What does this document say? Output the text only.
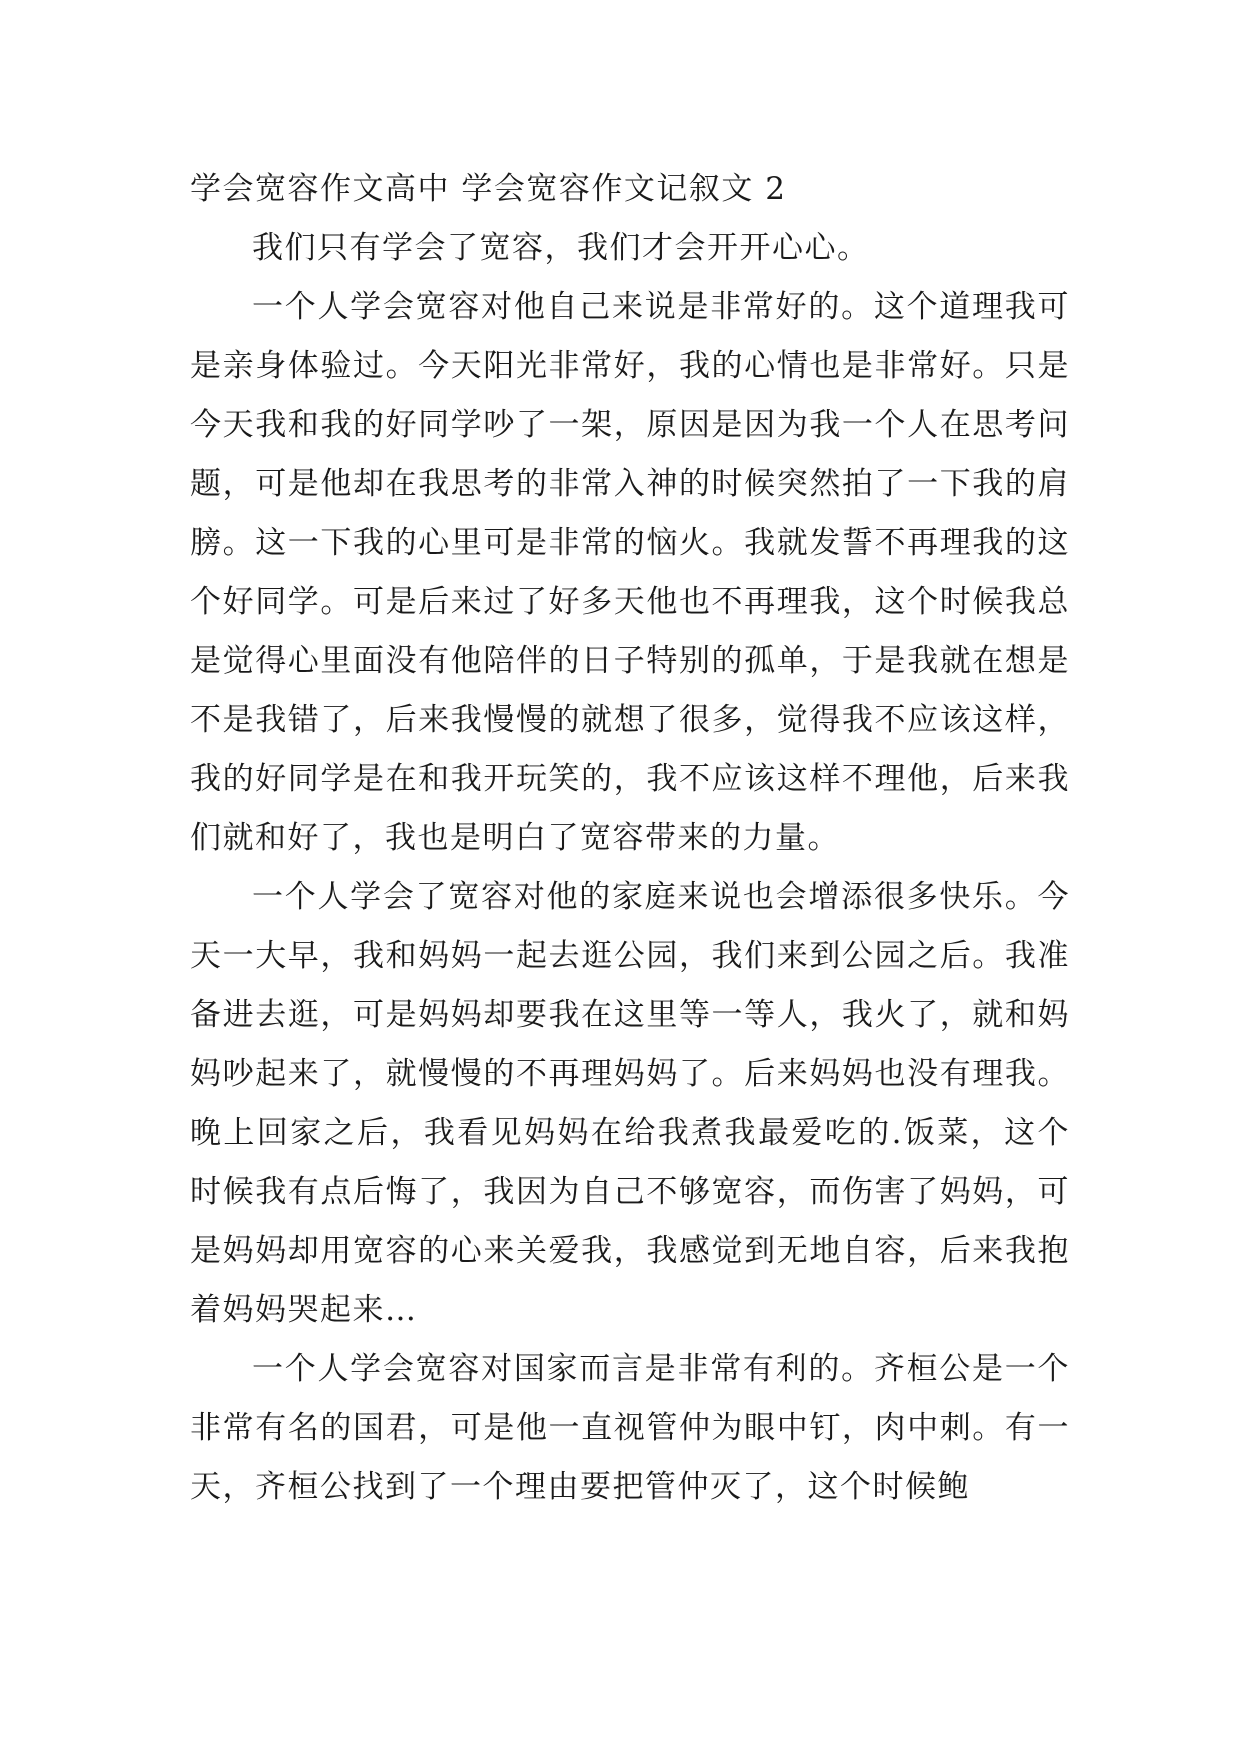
学会宽容作文高中 学会宽容作文记叙文 2

我们只有学会了宽容，我们才会开开心心。

一个人学会宽容对他自己来说是非常好的。这个道理我可是亲身体验过。今天阳光非常好，我的心情也是非常好。只是今天我和我的好同学吵了一架，原因是因为我一个人在思考问题，可是他却在我思考的非常入神的时候突然拍了一下我的肩膀。这一下我的心里可是非常的恼火。我就发誓不再理我的这个好同学。可是后来过了好多天他也不再理我，这个时候我总是觉得心里面没有他陪伴的日子特别的孤单，于是我就在想是不是我错了，后来我慢慢的就想了很多，觉得我不应该这样，我的好同学是在和我开玩笑的，我不应该这样不理他，后来我们就和好了，我也是明白了宽容带来的力量。

一个人学会了宽容对他的家庭来说也会增添很多快乐。今天一大早，我和妈妈一起去逛公园，我们来到公园之后。我准备进去逛，可是妈妈却要我在这里等一等人，我火了，就和妈妈吵起来了，就慢慢的不再理妈妈了。后来妈妈也没有理我。晚上回家之后，我看见妈妈在给我煮我最爱吃的.饭菜，这个时候我有点后悔了，我因为自己不够宽容，而伤害了妈妈，可是妈妈却用宽容的心来关爱我，我感觉到无地自容，后来我抱着妈妈哭起来…

一个人学会宽容对国家而言是非常有利的。齐桓公是一个非常有名的国君，可是他一直视管仲为眼中钉，肉中刺。有一天，齐桓公找到了一个理由要把管仲灭了，这个时候鲍
